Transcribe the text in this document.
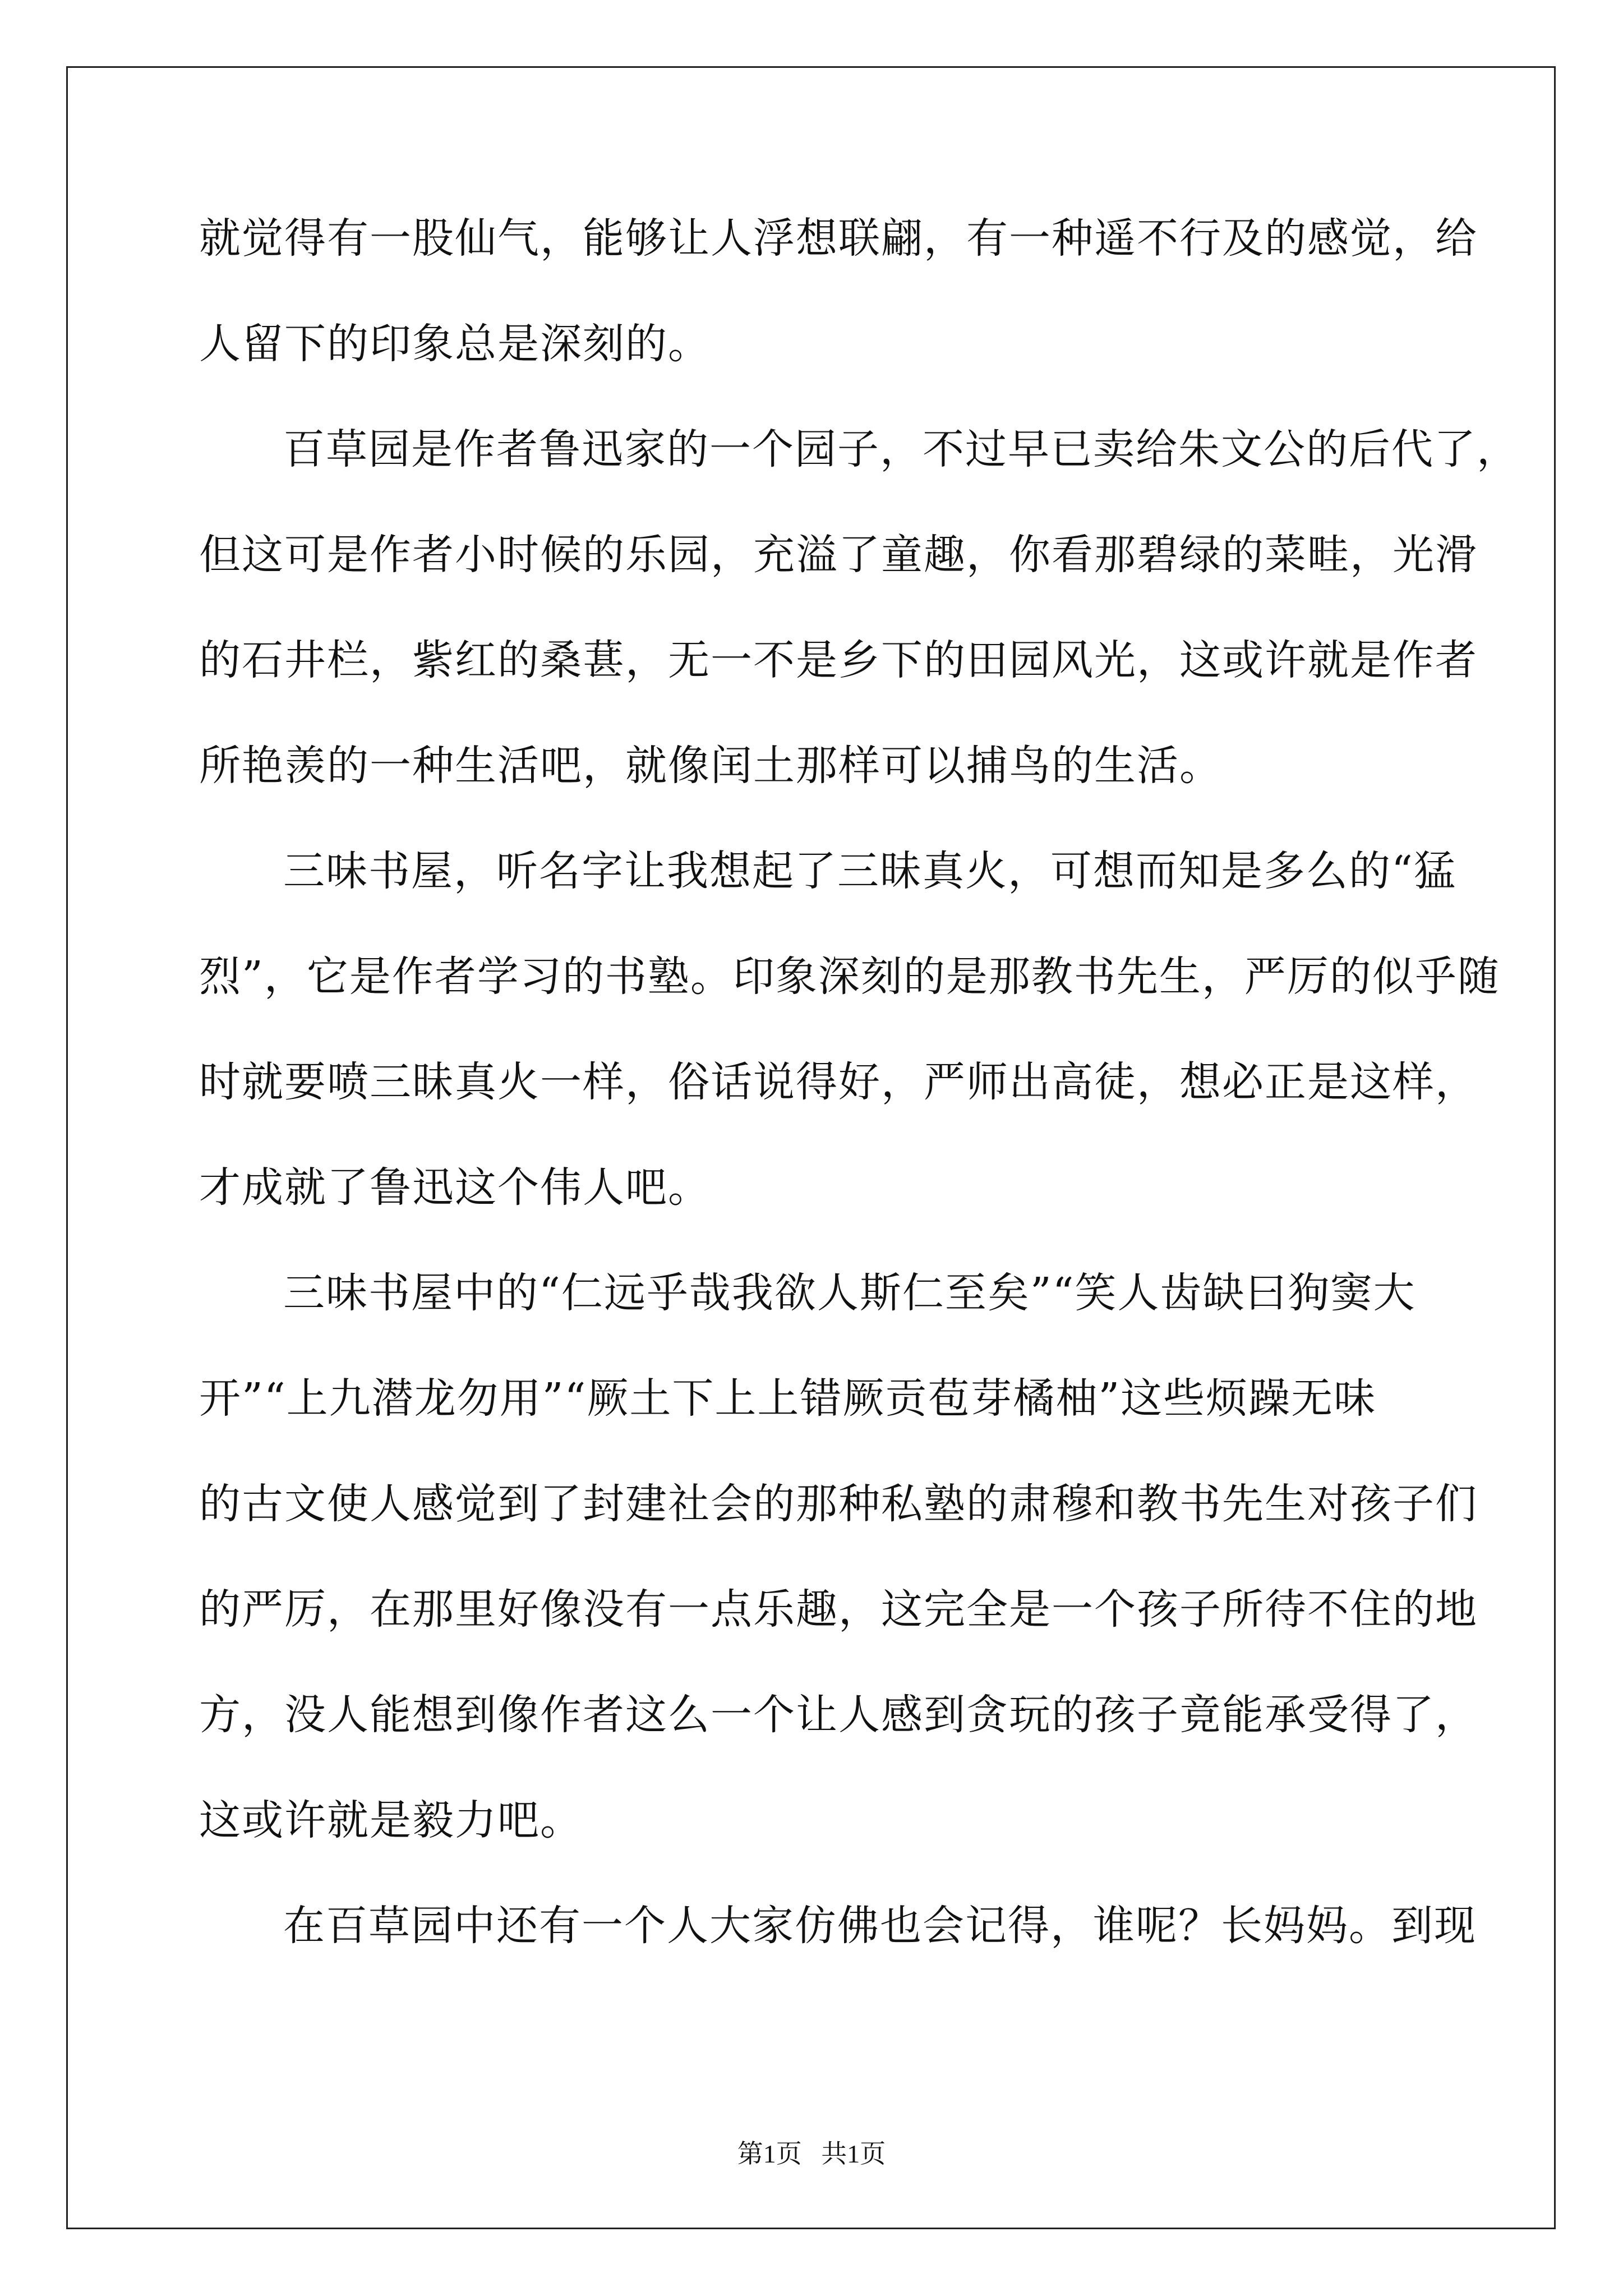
就觉得有一股仙气，能够让人浮想联翩，有一种遥不行及的感觉，给
人留下的印象总是深刻的。
百草园是作者鲁迅家的一个园子，不过早已卖给朱文公的后代了，
但这可是作者小时候的乐园，充溢了童趣，你看那碧绿的菜畦，光滑
的石井栏，紫红的桑葚，无一不是乡下的田园风光，这或许就是作者
所艳羡的一种生活吧，就像闰土那样可以捕鸟的生活。
三味书屋，听名字让我想起了三昧真火，可想而知是多么的“猛
烈”，它是作者学习的书塾。印象深刻的是那教书先生，严厉的似乎随
时就要喷三昧真火一样，俗话说得好，严师出高徒，想必正是这样，
才成就了鲁迅这个伟人吧。
三味书屋中的“仁远乎哉我欲人斯仁至矣”“笑人齿缺曰狗窦大
开”“上九潜龙勿用”“厥土下上上错厥贡苞芽橘柚”这些烦躁无味
的古文使人感觉到了封建社会的那种私塾的肃穆和教书先生对孩子们
的严厉，在那里好像没有一点乐趣，这完全是一个孩子所待不住的地
方，没人能想到像作者这么一个让人感到贪玩的孩子竟能承受得了，
这或许就是毅力吧。
在百草园中还有一个人大家仿佛也会记得，谁呢？长妈妈。到现
第1页   共1页
